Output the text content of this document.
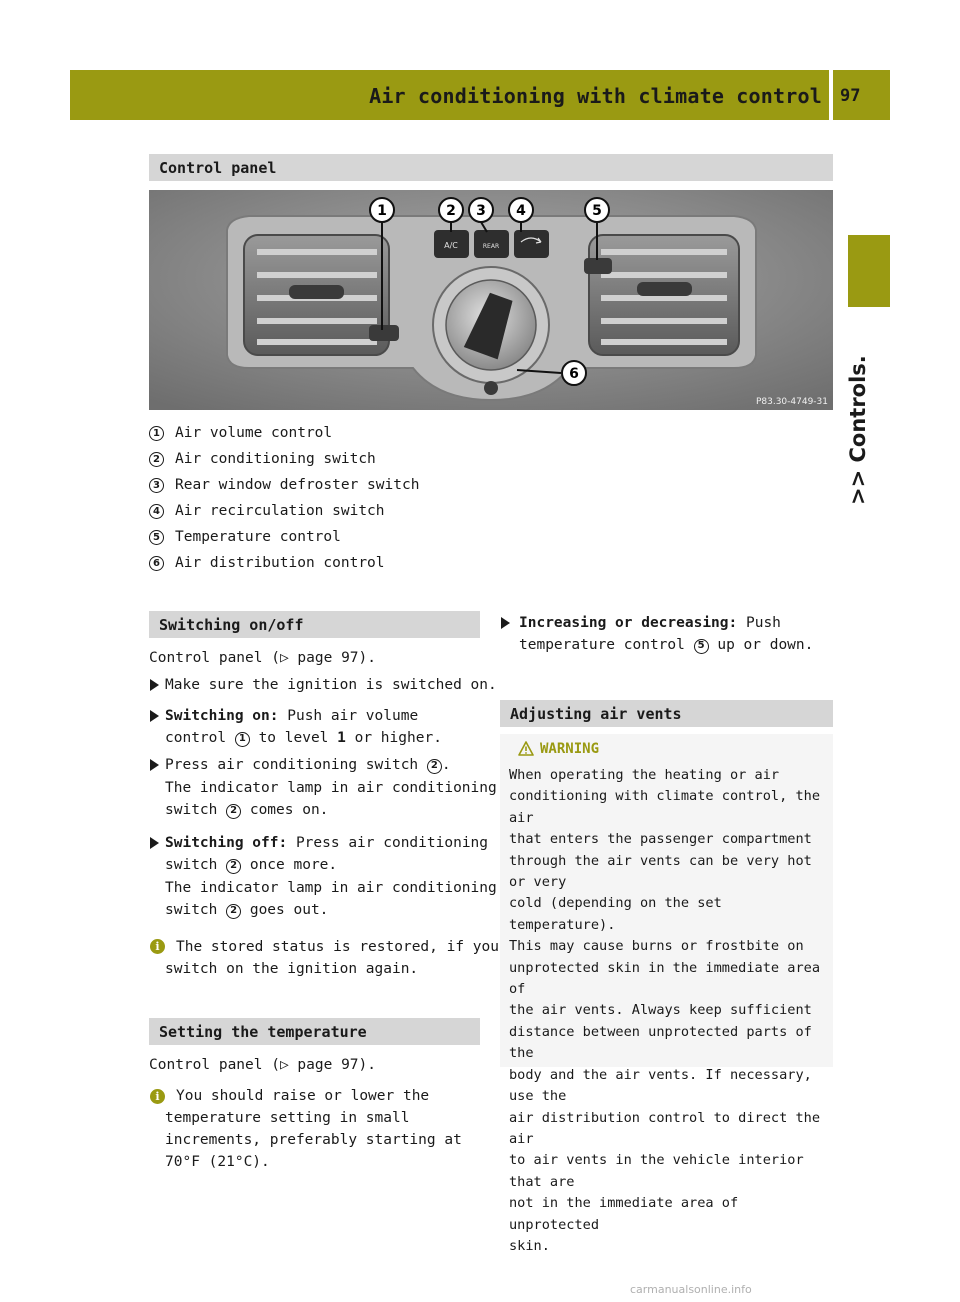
Air conditioning with climate control 97
>> Controls.
Control panel
A/C	REAR
1	2 3 4	5
6
P83.30-4749-31
1	Air volume control
2	Air conditioning switch
3	Rear window defroster switch
4	Air recirculation switch
5	Temperature control
6	Air distribution control
Switching on/off
Control panel (▷ page 97).
Make sure the ignition is switched on.
Switching on: Push air volume
control 1 to level 1 or higher.
Press air conditioning switch 2 .
The indicator lamp in air conditioning
switch 2 comes on.
Switching off: Press air conditioning
switch 2 once more.
The indicator lamp in air conditioning
switch 2 goes out.
i	The stored status is restored, if you
switch on the ignition again.
Setting the temperature
Control panel (▷ page 97).
i	You should raise or lower the
temperature setting in small
increments, preferably starting at
70°F (21°C).
Increasing or decreasing: Push
temperature control 5 up or down.
Adjusting air vents
WARNING
When operating the heating or air
conditioning with climate control, the air
that enters the passenger compartment
through the air vents can be very hot or very
cold (depending on the set temperature).
This may cause burns or frostbite on
unprotected skin in the immediate area of
the air vents. Always keep sufficient
distance between unprotected parts of the
body and the air vents. If necessary, use the
air distribution control to direct the air
to air vents in the vehicle interior that are
not in the immediate area of unprotected
skin.
carmanualsonline.info
